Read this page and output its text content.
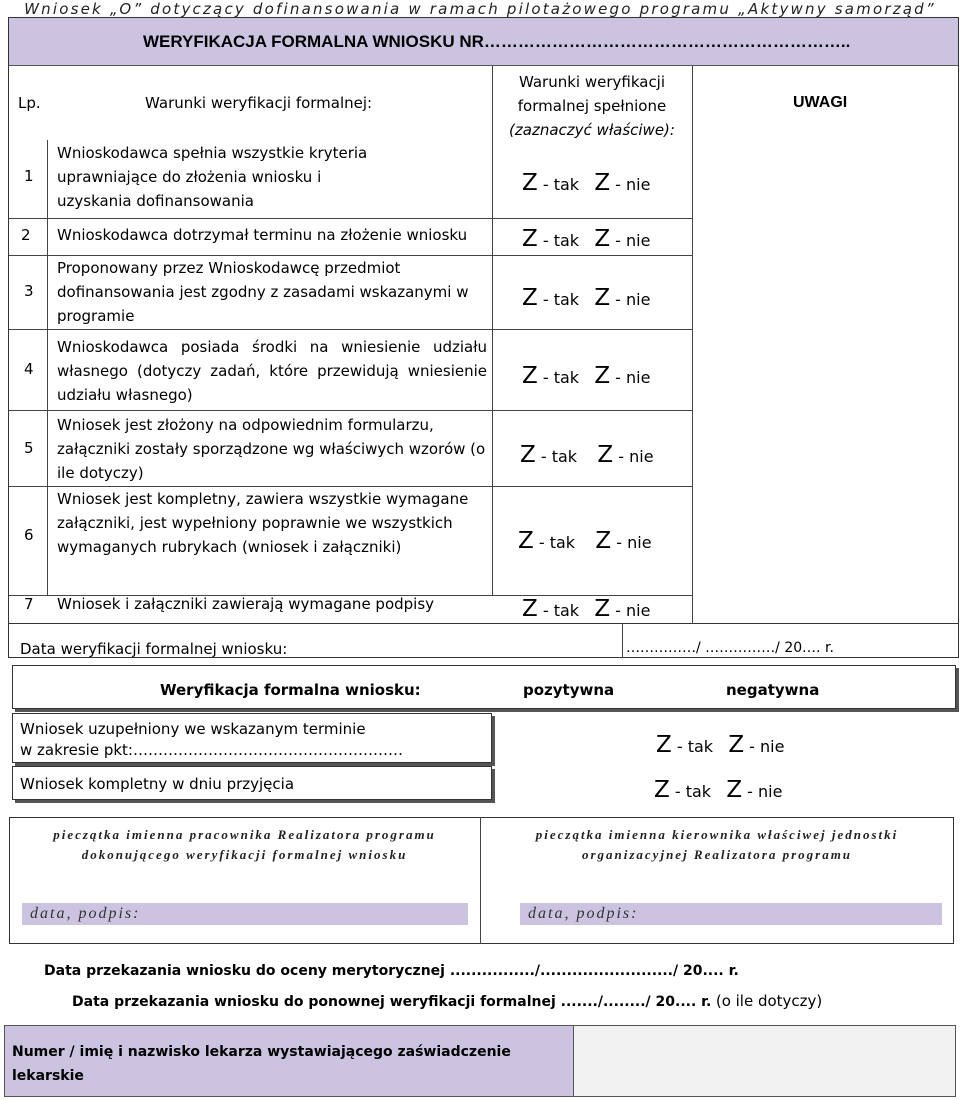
Wniosek „O” dotyczący dofinansowania w ramach pilotażowego programu „Aktywny samorząd”
WERYFIKACJA FORMALNA WNIOSKU NR………………………………………………………..
Lp.	Warunki weryfikacji formalnej:
Warunki weryfikacji
formalnej spełnione
(zaznaczyć właściwe):
UWAGI
1
Wnioskodawca spełnia wszystkie kryteria uprawniające do złożenia wniosku i uzyskania dofinansowania
Z - tak Z - nie
2 Wnioskodawca dotrzymał terminu na złożenie wniosku Z - tak Z - nie
3
Proponowany przez Wnioskodawcę przedmiot dofinansowania jest zgodny z zasadami wskazanymi w programie
Z - tak Z - nie
4
Wnioskodawca posiada środki na wniesienie udziału własnego (dotyczy zadań, które przewidują wniesienie udziału własnego)
Z - tak Z - nie
5
Wniosek jest złożony na odpowiednim formularzu, załączniki zostały sporządzone wg właściwych wzorów (o ile dotyczy)
Z - tak Z - nie
6
Wniosek jest kompletny, zawiera wszystkie wymagane załączniki, jest wypełniony poprawnie we wszystkich wymaganych rubrykach (wniosek i załączniki)	Z - tak Z - nie
7 Wniosek i załączniki zawierają wymagane podpisy	Z - tak Z - nie
Data weryfikacji formalnej wniosku:	……………/ ……………/ 20.… r.
Weryfikacja formalna wniosku:	pozytywna	negatywna
Wniosek uzupełniony we wskazanym terminie
w zakresie pkt:………………………………………………	Z - tak Z - nie
Wniosek kompletny w dniu przyjęcia	Z - tak Z - nie
pieczątka imienna pracownika Realizatora programu
dokonującego weryfikacji formalnej wniosku
data, podpis:
pieczątka imienna kierownika właściwej jednostki
organizacyjnej Realizatora programu
data, podpis:
Data przekazania wniosku do oceny merytorycznej ................/........................./ 20.... r.
Data przekazania wniosku do ponownej weryfikacji formalnej ......./......../ 20.... r. (o ile dotyczy)
Numer / imię i nazwisko lekarza wystawiającego zaświadczenie
lekarskie
